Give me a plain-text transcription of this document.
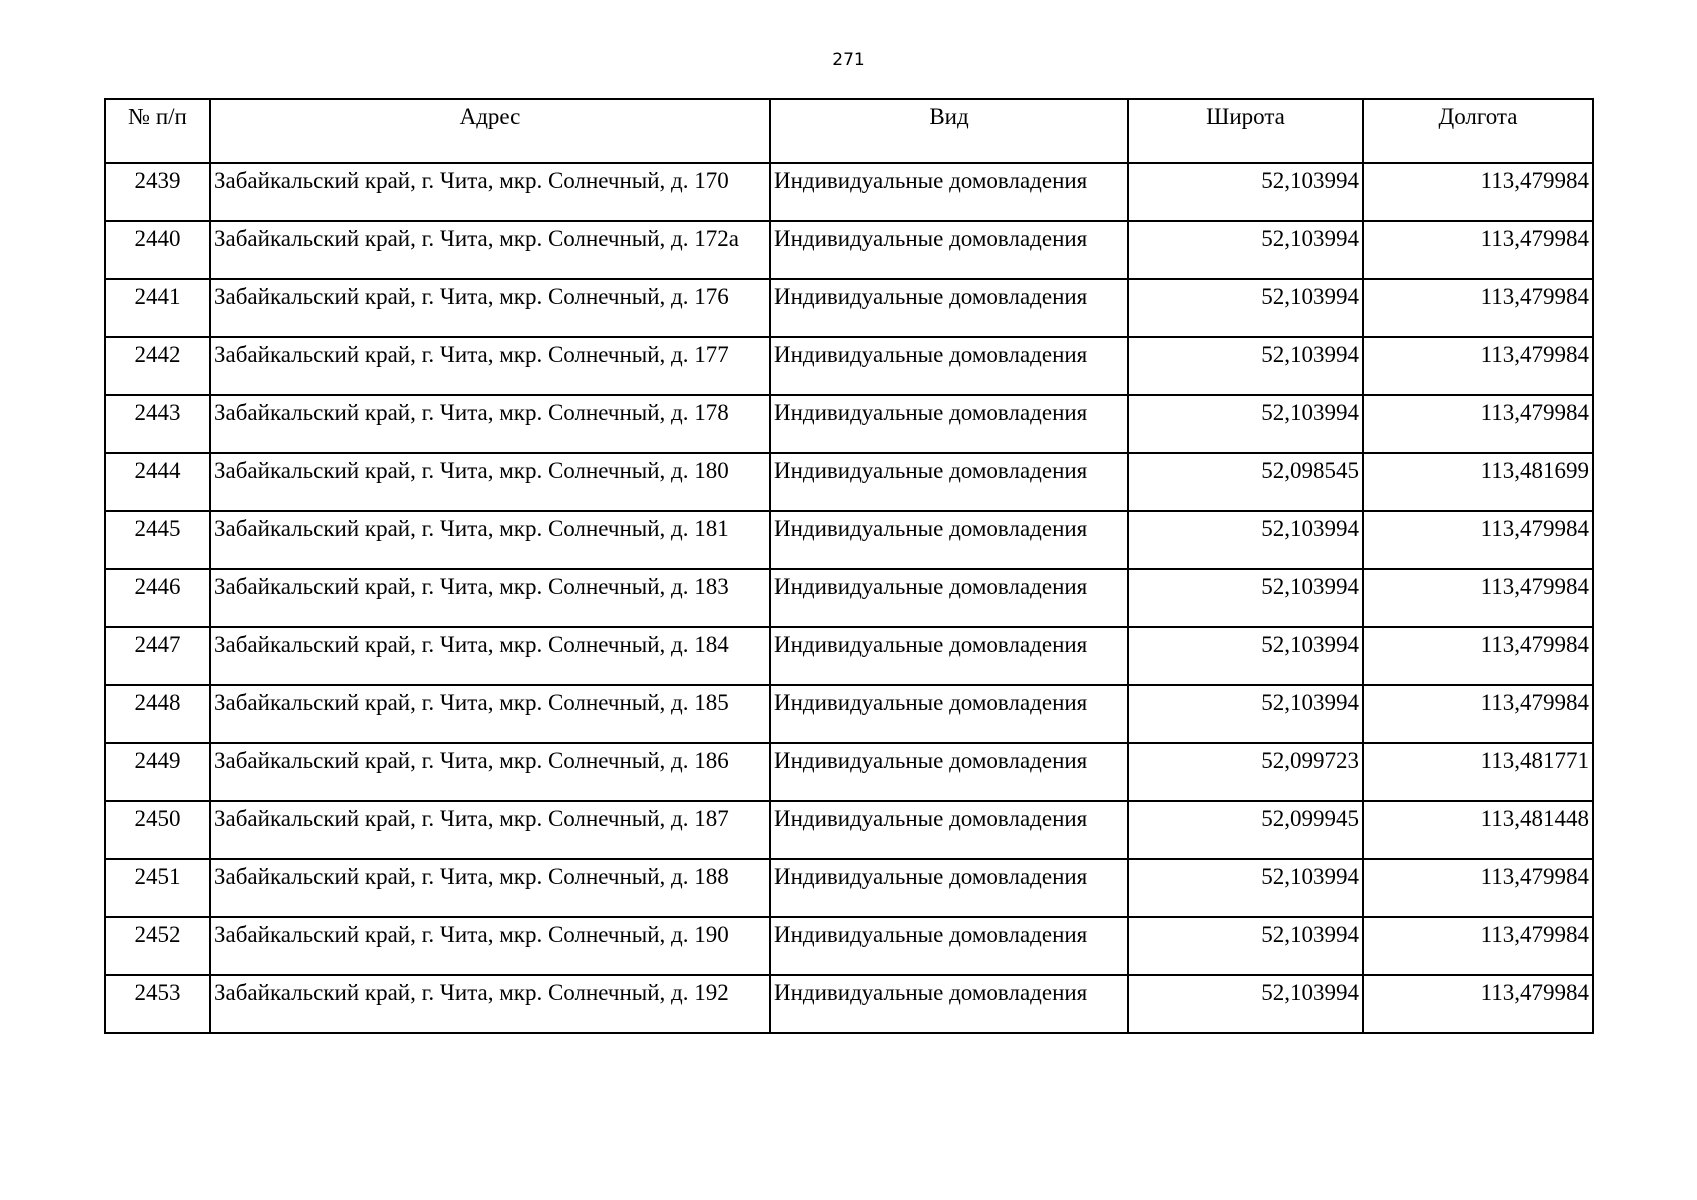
271
№ п/п	Адрес	Вид	Широта	Долгота
2439	Забайкальский край, г. Чита, мкр. Солнечный, д. 170	Индивидуальные домовладения	52,103994	113,479984
2440	Забайкальский край, г. Чита, мкр. Солнечный, д. 172а	Индивидуальные домовладения	52,103994	113,479984
2441	Забайкальский край, г. Чита, мкр. Солнечный, д. 176	Индивидуальные домовладения	52,103994	113,479984
2442	Забайкальский край, г. Чита, мкр. Солнечный, д. 177	Индивидуальные домовладения	52,103994	113,479984
2443	Забайкальский край, г. Чита, мкр. Солнечный, д. 178	Индивидуальные домовладения	52,103994	113,479984
2444	Забайкальский край, г. Чита, мкр. Солнечный, д. 180	Индивидуальные домовладения	52,098545	113,481699
2445	Забайкальский край, г. Чита, мкр. Солнечный, д. 181	Индивидуальные домовладения	52,103994	113,479984
2446	Забайкальский край, г. Чита, мкр. Солнечный, д. 183	Индивидуальные домовладения	52,103994	113,479984
2447	Забайкальский край, г. Чита, мкр. Солнечный, д. 184	Индивидуальные домовладения	52,103994	113,479984
2448	Забайкальский край, г. Чита, мкр. Солнечный, д. 185	Индивидуальные домовладения	52,103994	113,479984
2449	Забайкальский край, г. Чита, мкр. Солнечный, д. 186	Индивидуальные домовладения	52,099723	113,481771
2450	Забайкальский край, г. Чита, мкр. Солнечный, д. 187	Индивидуальные домовладения	52,099945	113,481448
2451	Забайкальский край, г. Чита, мкр. Солнечный, д. 188	Индивидуальные домовладения	52,103994	113,479984
2452	Забайкальский край, г. Чита, мкр. Солнечный, д. 190	Индивидуальные домовладения	52,103994	113,479984
2453	Забайкальский край, г. Чита, мкр. Солнечный, д. 192	Индивидуальные домовладения	52,103994	113,479984
